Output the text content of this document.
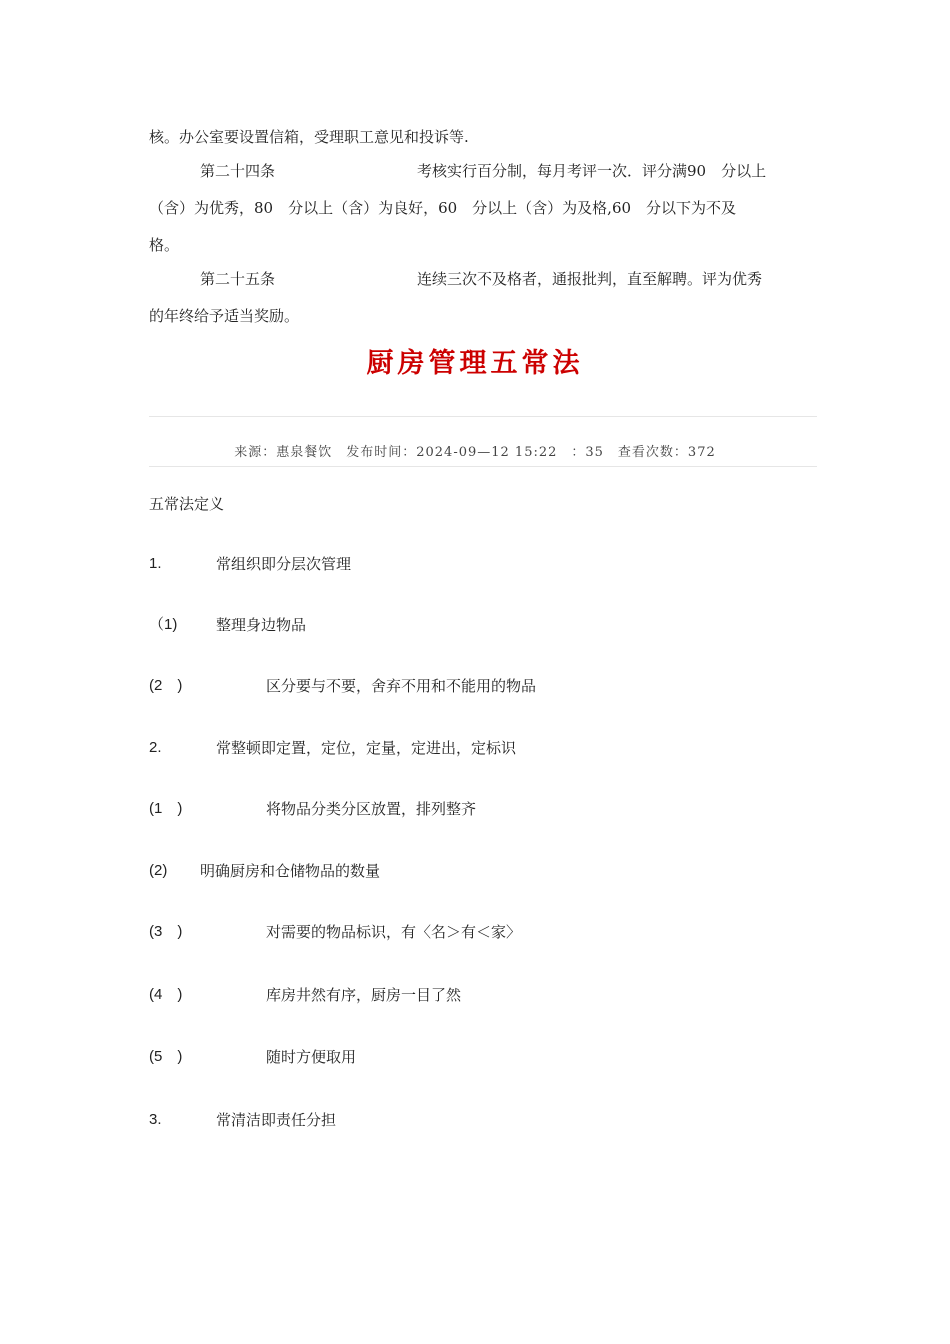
核。办公室要设置信箱，受理职工意见和投诉等.
第二十四条	考核实行百分制，每月考评一次．评分满90　分以上
（含）为优秀，80　分以上（含）为良好，60　分以上（含）为及格,60　分以下为不及
格。
第二十五条	连续三次不及格者，通报批判，直至解聘。评为优秀
的年终给予适当奖励。
厨房管理五常法
来源：惠泉餐饮　发布时间：2024-09—12 15:22　：35　查看次数：372
五常法定义
1.	常组织即分层次管理
（1)	整理身边物品
(2　)	区分要与不要，舍弃不用和不能用的物品
2.	常整顿即定置，定位，定量，定进出，定标识
(1　)	将物品分类分区放置，排列整齐
(2) 明确厨房和仓储物品的数量
(3　)	对需要的物品标识，有〈名＞有＜家〉
(4　)	库房井然有序，厨房一目了然
(5　)	随时方便取用
3.	常清洁即责任分担
